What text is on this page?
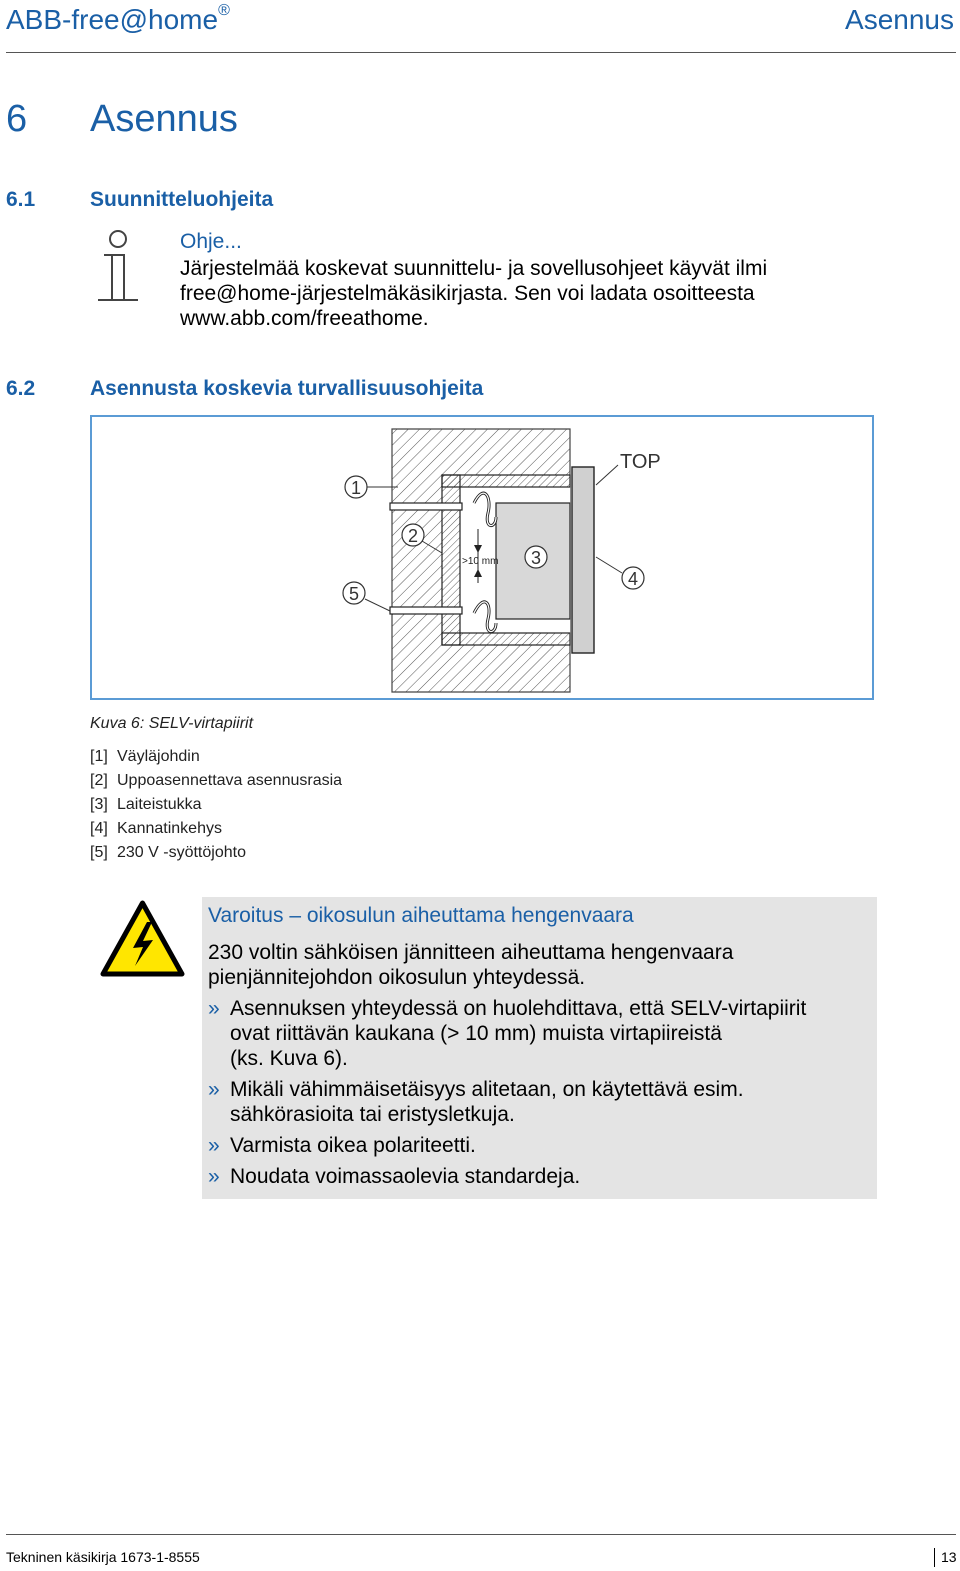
ABB-free@home®	Asennus
6 Asennus
6.1	Suunnitteluohjeita
Ohje...
Järjestelmää koskevat suunnittelu- ja sovellusohjeet käyvät ilmi
free@home-järjestelmäkäsikirjasta. Sen voi ladata osoitteesta
www.abb.com/freeathome.
6.2	Asennusta koskevia turvallisuusohjeita
>10 mm
1
2
3
4
5
TOP
Kuva 6: SELV-virtapiirit
[1] Väyläjohdin
[2] Uppoasennettava asennusrasia
[3] Laiteistukka
[4] Kannatinkehys
[5] 230 V -syöttöjohto
Varoitus – oikosulun aiheuttama hengenvaara
230 voltin sähköisen jännitteen aiheuttama hengenvaara
pienjännitejohdon oikosulun yhteydessä.
» Asennuksen yhteydessä on huolehdittava, että SELV-virtapiirit
ovat riittävän kaukana (> 10 mm) muista virtapiireistä
(ks. Kuva 6).
» Mikäli vähimmäisetäisyys alitetaan, on käytettävä esim.
sähkörasioita tai eristysletkuja.
» Varmista oikea polariteetti.
» Noudata voimassaolevia standardeja.
Tekninen käsikirja 1673-1-8555	13
